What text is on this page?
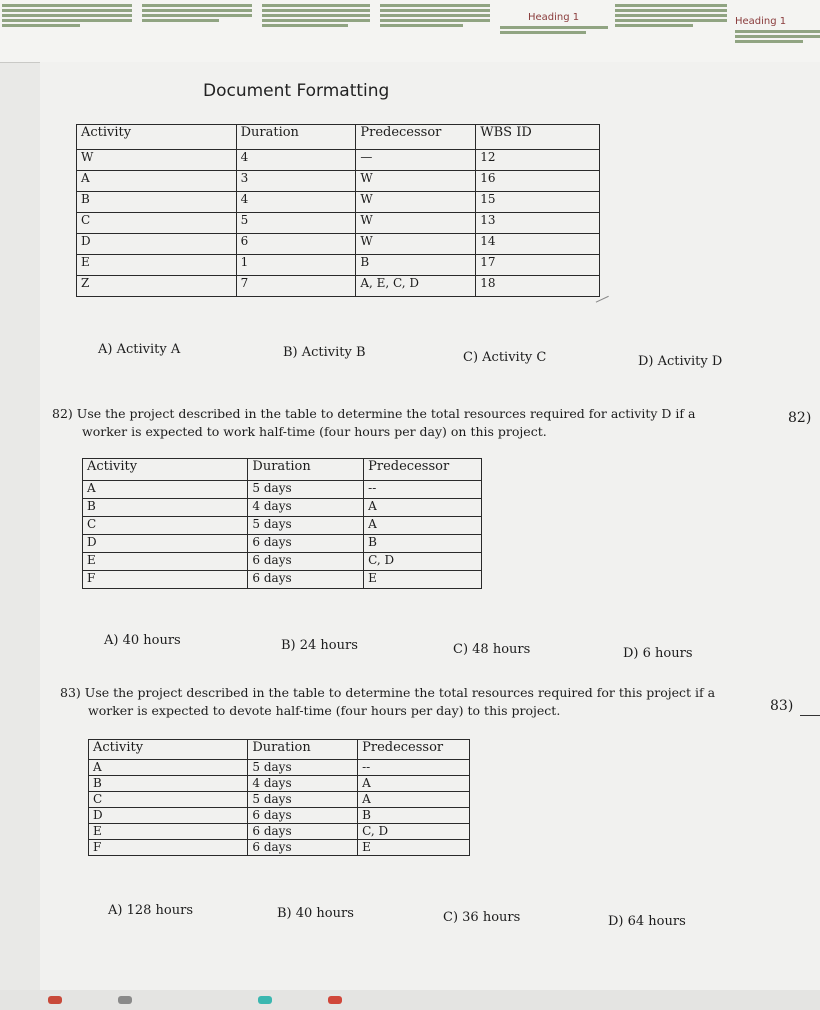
Heading 1	Heading 1
Document Formatting
Activity	Duration	Predecessor	WBS ID
W	4	—	12
A	3	W	16
B	4	W	15
C	5	W	13
D	6	W	14
E	1	B	17
Z	7	A, E, C, D	18
A) Activity A	B) Activity B	C) Activity C	D) Activity D
82) Use the project described in the table to determine the total resources required for activity D if a
worker is expected to work half-time (four hours per day) on this project.
82)
Activity	Duration	Predecessor
A	5 days	--
B	4 days	A
C	5 days	A
D	6 days	B
E	6 days	C, D
F	6 days	E
A) 40 hours	B) 24 hours	C) 48 hours	D) 6 hours
83) Use the project described in the table to determine the total resources required for this project if a
worker is expected to devote half-time (four hours per day) to this project.	83)
Activity	Duration	Predecessor
A	5 days	--
B	4 days	A
C	5 days	A
D	6 days	B
E	6 days	C, D
F	6 days	E
A) 128 hours	B) 40 hours	C) 36 hours	D) 64 hours
